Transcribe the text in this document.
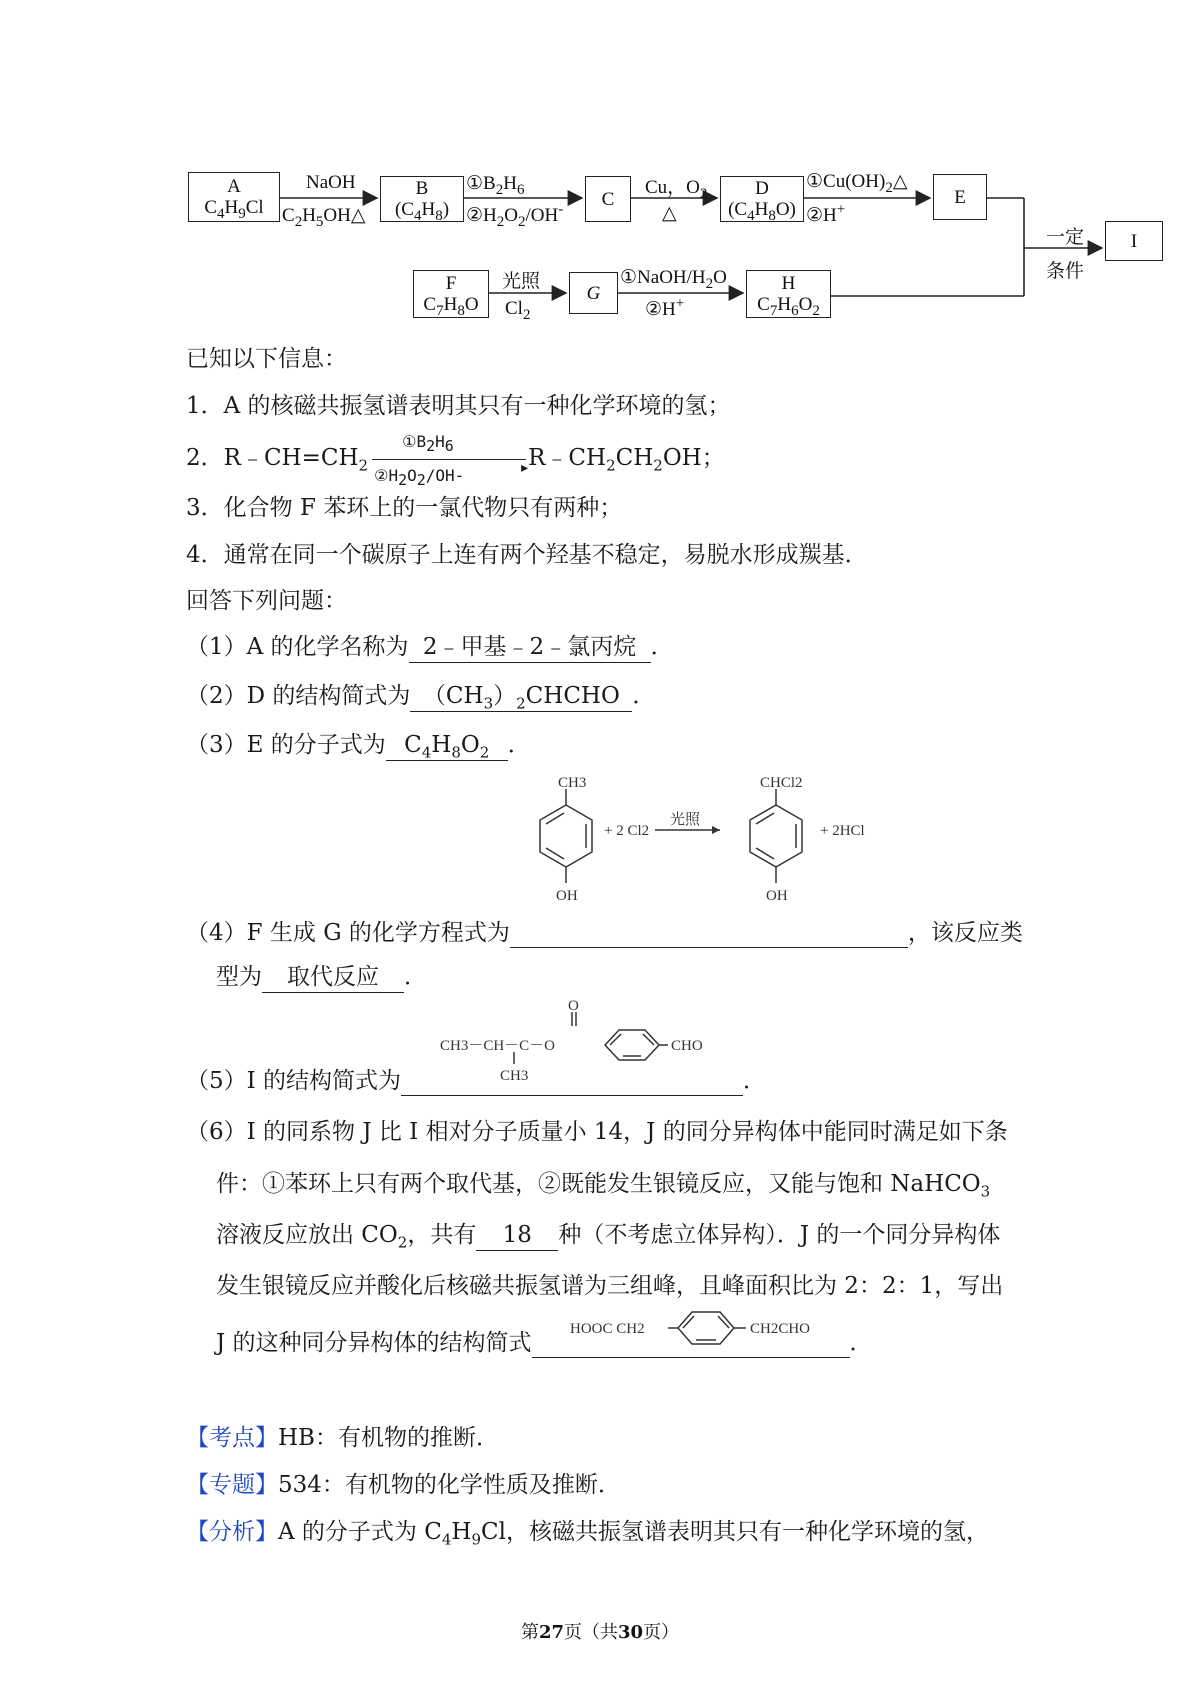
A
$C_4H_9Cl$
B
$(C_4H_8)$	C	D
$(C_4H_8O)$
E
I
F
$C_7H_8O$
G	H
$C_7H_6O_2$
NaOH
$C_2H_5OH\triangle$
$①B_2H_6$
$②H_2O_2/OH^-$
Cu，$O_2$
△
$①Cu(OH)_2\triangle$
②H+
一定
条件
光照
$Cl_2$
①NaOH/$H_2O$
②H+
已知以下信息：
1．A 的核磁共振氢谱表明其只有一种化学环境的氢；
2．$R﹣CH=CH_2$
$①B_2H_6$
▸
$②H_2O_2/OH-$
$R﹣CH_2CH_2OH$；
3．化合物 F 苯环上的一氯代物只有两种；
4．通常在同一个碳原子上连有两个羟基不稳定，易脱水形成羰基．
回答下列问题：
（1）A 的化学名称为 2﹣甲基﹣2﹣氯丙烷 ．
（2）D 的结构简式为 $(CH_3)_2CHCHO$ ．
（3）E 的分子式为 $C_4H_8O_2$ ．
CH3
OH
+ 2 Cl2
光照
CHCl2
OH
+ 2HCl
（4）F 生成 G 的化学方程式为	，该反应类
型为 取代反应 ．
O
CH3－CH－C－O
CH3
CHO
（5）I 的结构简式为	．
（6）I 的同系物 J 比 I 相对分子质量小 14，J 的同分异构体中能同时满足如下条
件：①苯环上只有两个取代基，②既能发生银镜反应，又能与饱和 NaHCO$_3$
溶液反应放出 $CO_2$，共有 18 种（不考虑立体异构）．J 的一个同分异构体
发生银镜反应并酸化后核磁共振氢谱为三组峰，且峰面积比为 2：2：1，写出
HOOC CH2	CH2CHO
J 的这种同分异构体的结构简式	．
【考点】HB：有机物的推断．
【专题】534：有机物的化学性质及推断．
【分析】A 的分子式为 $C_4H_9Cl$，核磁共振氢谱表明其只有一种化学环境的氢，
第27页（共30页）
